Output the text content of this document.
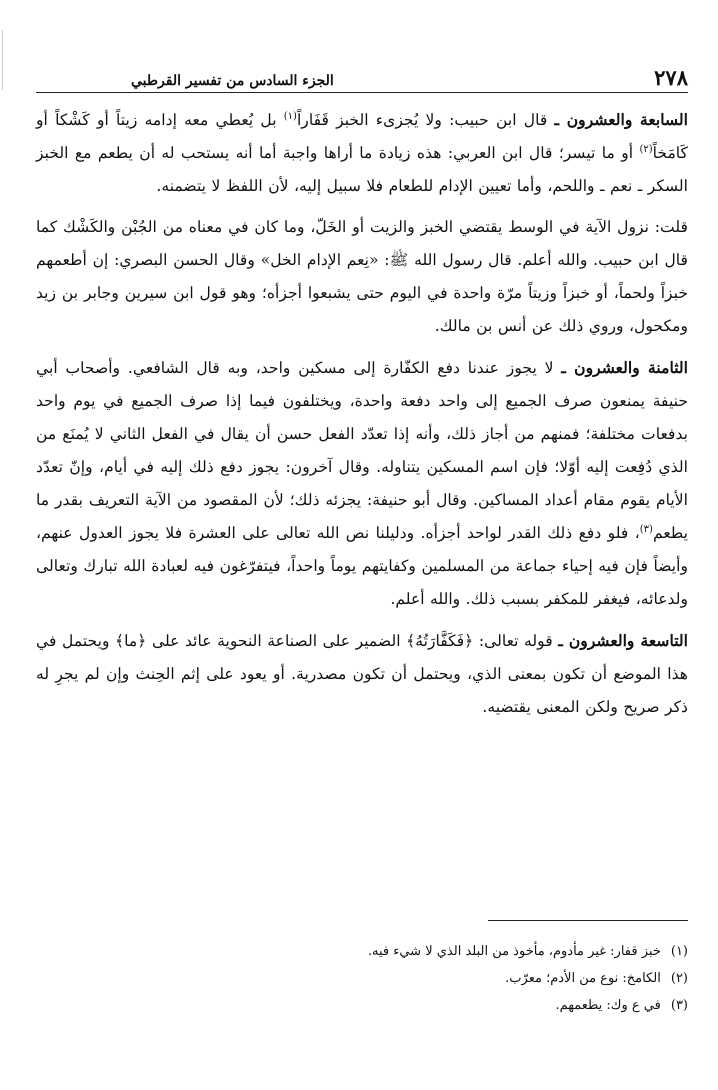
٢٧٨
الجزء السادس من تفسير القرطبي

السابعة والعشرون ـ قال ابن حبيب: ولا يُجزىء الخبز قَفَاراً$^{(١)}$ بل يُعطي معه إدامه زيتاً أو كَشْكاً أو كَامَخاً$^{(٢)}$ أو ما تيسر؛ قال ابن العربي: هذه زيادة ما أراها واجبة أما أنه يستحب له أن يطعم مع الخبز السكر ـ نعم ـ واللحم، وأما تعيين الإدام للطعام فلا سبيل إليه، لأن اللفظ لا يتضمنه.

قلت: نزول الآية في الوسط يقتضي الخبز والزيت أو الخَلّ، وما كان في معناه من الجُبْن والكَشْك كما قال ابن حبيب. والله أعلم. قال رسول الله ﷺ: «نِعم الإدام الخل» وقال الحسن البصري: إن أطعمهم خبزاً ولحماً، أو خبزاً وزيتاً مرّة واحدة في اليوم حتى يشبعوا أجزأه؛ وهو قول ابن سيرين وجابر بن زيد ومكحول، وروي ذلك عن أنس بن مالك.

الثامنة والعشرون ـ لا يجوز عندنا دفع الكفّارة إلى مسكين واحد، وبه قال الشافعي. وأصحاب أبي حنيفة يمنعون صرف الجميع إلى واحد دفعة واحدة، ويختلفون فيما إذا صرف الجميع في يوم واحد بدفعات مختلفة؛ فمنهم من أجاز ذلك، وأنه إذا تعدّد الفعل حسن أن يقال في الفعل الثاني لا يُمنَع من الذي دُفِعت إليه أوّلا؛ فإن اسم المسكين يتناوله. وقال آخرون: يجوز دفع ذلك إليه في أيام، وإنّ تعدّد الأيام يقوم مقام أعداد المساكين. وقال أبو حنيفة: يجزئه ذلك؛ لأن المقصود من الآية التعريف بقدر ما يطعم$^{(٣)}$، فلو دفع ذلك القدر لواحد أجزأه. ودليلنا نص الله تعالى على العشرة فلا يجوز العدول عنهم، وأيضاً فإن فيه إحياء جماعة من المسلمين وكفايتهم يوماً واحداً، فيتفرّغون فيه لعبادة الله تبارك وتعالى ولدعائه، فيغفر للمكفر بسبب ذلك. والله أعلم.

التاسعة والعشرون ـ قوله تعالى: ﴿فَكَفَّارَتُهُ﴾ الضمير على الصناعة النحوية عائد على ﴿ما﴾ ويحتمل في هذا الموضع أن تكون بمعنى الذي، ويحتمل أن تكون مصدرية. أو يعود على إثم الحِنث وإن لم يجرِ له ذكر صريح ولكن المعنى يقتضيه.

(١)خبز قفار: غير مأدوم، مأخوذ من البلد الذي لا شيء فيه.

(٢)الكامخ: نوع من الأدم؛ معرّب.

(٣)في ع وك: يطعمهم.
